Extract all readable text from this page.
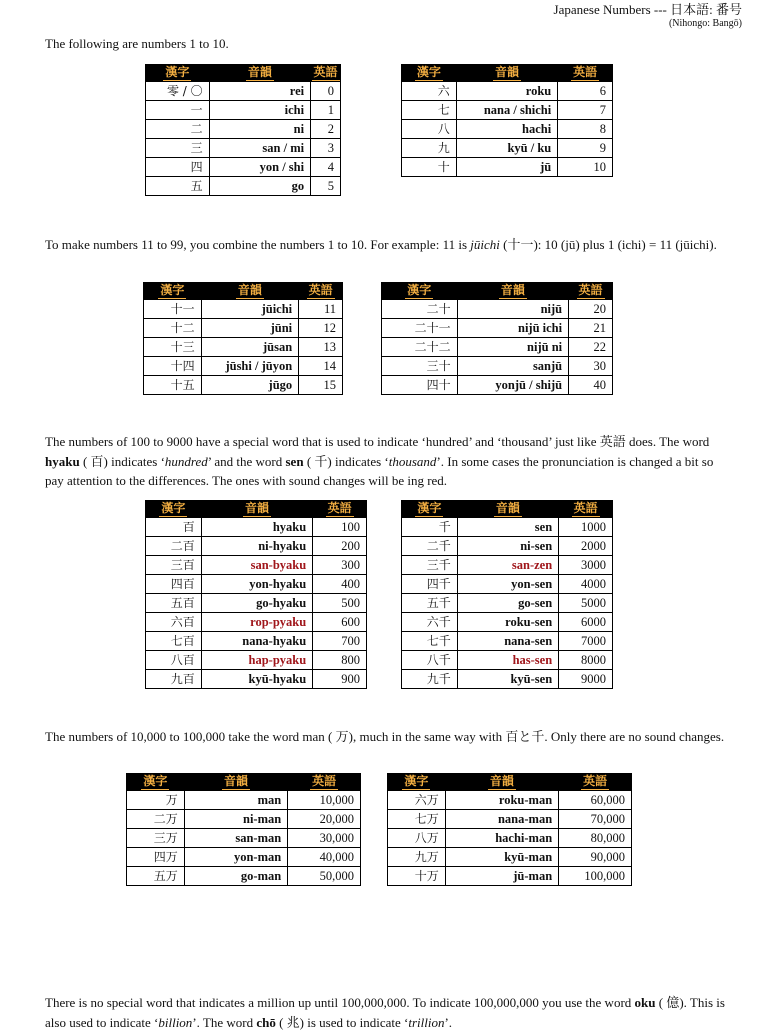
Japanese Numbers --- 日本語: 番号
(Nihongo: Bangō)
The following are numbers 1 to 10.
漢字	音韻	英語
零 / 〇	rei	0
一	ichi	1
二	ni	2
三	san / mi	3
四	yon / shi	4
五	go	5
漢字	音韻	英語
六	roku	6
七	nana / shichi	7
八	hachi	8
九	kyū / ku	9
十	jū	10
To make numbers 11 to 99, you combine the numbers 1 to 10. For example: 11 is jūichi (十一): 10 (jū) plus 1 (ichi) = 11 (jūichi).
漢字	音韻	英語
十一	jūichi	11
十二	jūni	12
十三	jūsan	13
十四	jūshi / jūyon	14
十五	jūgo	15
漢字	音韻	英語
二十	nijū	20
二十一	nijū ichi	21
二十二	nijū ni	22
三十	sanjū	30
四十	yonjū / shijū	40
The numbers of 100 to 9000 have a special word that is used to indicate ‘hundred’ and ‘thousand’ just like 英語 does. The word hyaku ( 百) indicates ‘hundred’ and the word sen ( 千) indicates ‘thousand’. In some cases the pronunciation is changed a bit so pay attention to the differences. The ones with sound changes will be ing red.
漢字	音韻	英語
百	hyaku	100
二百	ni-hyaku	200
三百	san-byaku	300
四百	yon-hyaku	400
五百	go-hyaku	500
六百	rop-pyaku	600
七百	nana-hyaku	700
八百	hap-pyaku	800
九百	kyū-hyaku	900
漢字	音韻	英語
千	sen	1000
二千	ni-sen	2000
三千	san-zen	3000
四千	yon-sen	4000
五千	go-sen	5000
六千	roku-sen	6000
七千	nana-sen	7000
八千	has-sen	8000
九千	kyū-sen	9000
The numbers of 10,000 to 100,000 take the word man ( 万), much in the same way with 百と千. Only there are no sound changes.
漢字	音韻	英語
万	man	10,000
二万	ni-man	20,000
三万	san-man	30,000
四万	yon-man	40,000
五万	go-man	50,000
漢字	音韻	英語
六万	roku-man	60,000
七万	nana-man	70,000
八万	hachi-man	80,000
九万	kyū-man	90,000
十万	jū-man	100,000
There is no special word that indicates a million up until 100,000,000. To indicate 100,000,000 you use the word oku ( 億). This is also used to indicate ‘billion’. The word chō ( 兆) is used to indicate ‘trillion’.
